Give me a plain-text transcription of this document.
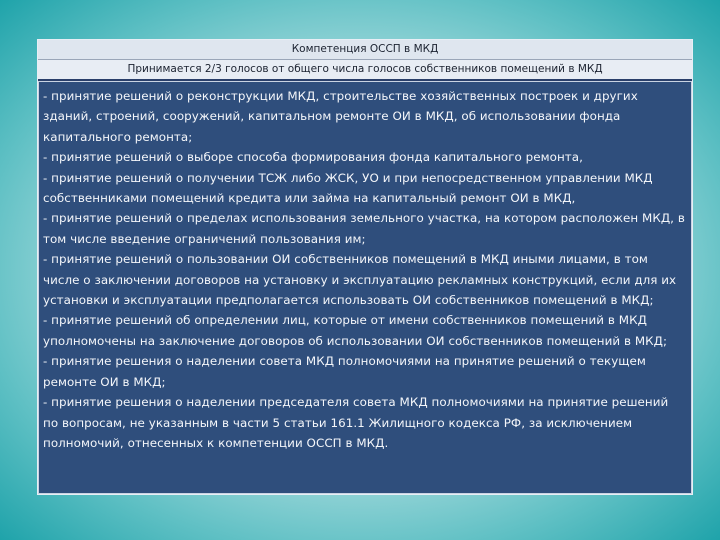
Компетенция ОССП в МКД
Принимается 2/3 голосов от общего числа голосов собственников помещений в МКД

- принятие решений о реконструкции МКД, строительстве хозяйственных построек и других зданий, строений, сооружений, капитальном ремонте ОИ в МКД, об использовании фонда капитального ремонта;

- принятие решений о выборе способа формирования фонда капитального ремонта,

- принятие решений о получении ТСЖ либо ЖСК, УО и при непосредственном управлении МКД собственниками помещений кредита или займа на капитальный ремонт ОИ в МКД,

- принятие решений о пределах использования земельного участка, на котором расположен МКД, в том числе введение ограничений пользования им;

- принятие решений о пользовании ОИ собственников помещений в МКД иными лицами, в том числе о заключении договоров на установку и эксплуатацию рекламных конструкций, если для их установки и эксплуатации предполагается использовать ОИ собственников помещений в МКД;

- принятие решений об определении лиц, которые от имени собственников помещений в МКД уполномочены на заключение договоров об использовании ОИ собственников помещений в МКД;

- принятие решения о наделении совета МКД полномочиями на принятие решений о текущем ремонте ОИ в МКД;

- принятие решения о наделении председателя совета МКД полномочиями на принятие решений по вопросам, не указанным в части 5 статьи 161.1 Жилищного кодекса РФ, за исключением полномочий, отнесенных к компетенции ОССП в МКД.
